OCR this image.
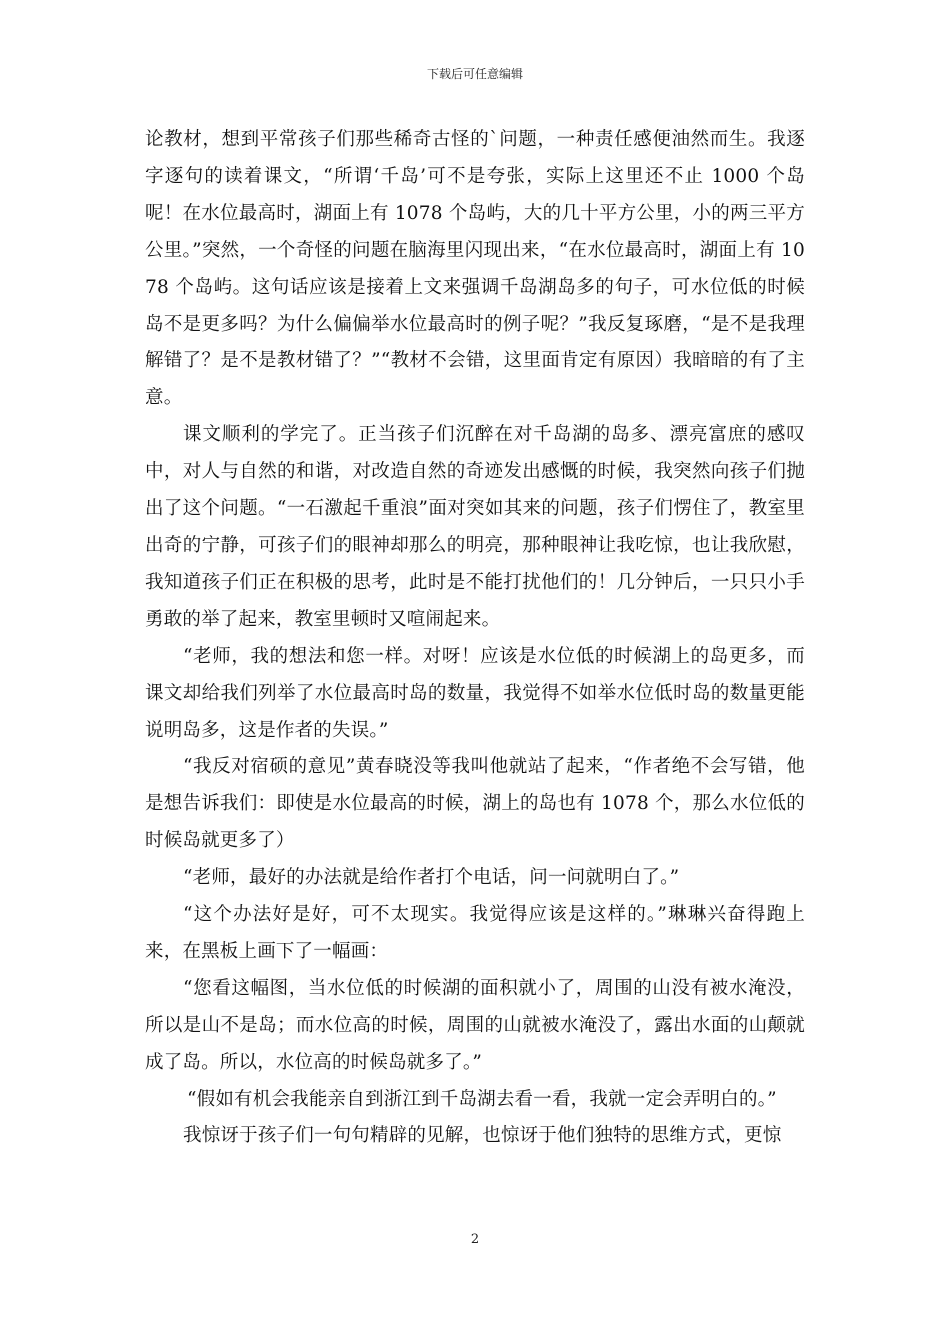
下载后可任意编辑

论教材，想到平常孩子们那些稀奇古怪的`问题，一种责任感便油然而生。我逐字逐句的读着课文，“所谓‘千岛’可不是夸张，实际上这里还不止 1000 个岛呢！在水位最高时，湖面上有 1078 个岛屿，大的几十平方公里，小的两三平方公里。”突然，一个奇怪的问题在脑海里闪现出来，“在水位最高时，湖面上有 1078 个岛屿。这句话应该是接着上文来强调千岛湖岛多的句子，可水位低的时候岛不是更多吗？为什么偏偏举水位最高时的例子呢？”我反复琢磨，“是不是我理解错了？是不是教材错了？”“教材不会错，这里面肯定有原因）我暗暗的有了主意。

课文顺利的学完了。正当孩子们沉醉在对千岛湖的岛多、漂亮富庶的感叹中，对人与自然的和谐，对改造自然的奇迹发出感慨的时候，我突然向孩子们抛出了这个问题。“一石激起千重浪”面对突如其来的问题，孩子们愣住了，教室里出奇的宁静，可孩子们的眼神却那么的明亮，那种眼神让我吃惊，也让我欣慰，我知道孩子们正在积极的思考，此时是不能打扰他们的！几分钟后，一只只小手勇敢的举了起来，教室里顿时又喧闹起来。

“老师，我的想法和您一样。对呀！应该是水位低的时候湖上的岛更多，而课文却给我们列举了水位最高时岛的数量，我觉得不如举水位低时岛的数量更能说明岛多，这是作者的失误。”

“我反对宿硕的意见”黄春晓没等我叫他就站了起来，“作者绝不会写错，他是想告诉我们：即使是水位最高的时候，湖上的岛也有 1078 个，那么水位低的时候岛就更多了）

“老师，最好的办法就是给作者打个电话，问一问就明白了。”

“这个办法好是好，可不太现实。我觉得应该是这样的。”琳琳兴奋得跑上来，在黑板上画下了一幅画：

“您看这幅图，当水位低的时候湖的面积就小了，周围的山没有被水淹没，所以是山不是岛；而水位高的时候，周围的山就被水淹没了，露出水面的山颠就成了岛。所以，水位高的时候岛就多了。”

“假如有机会我能亲自到浙江到千岛湖去看一看，我就一定会弄明白的。”

我惊讶于孩子们一句句精辟的见解，也惊讶于他们独特的思维方式，更惊

2
